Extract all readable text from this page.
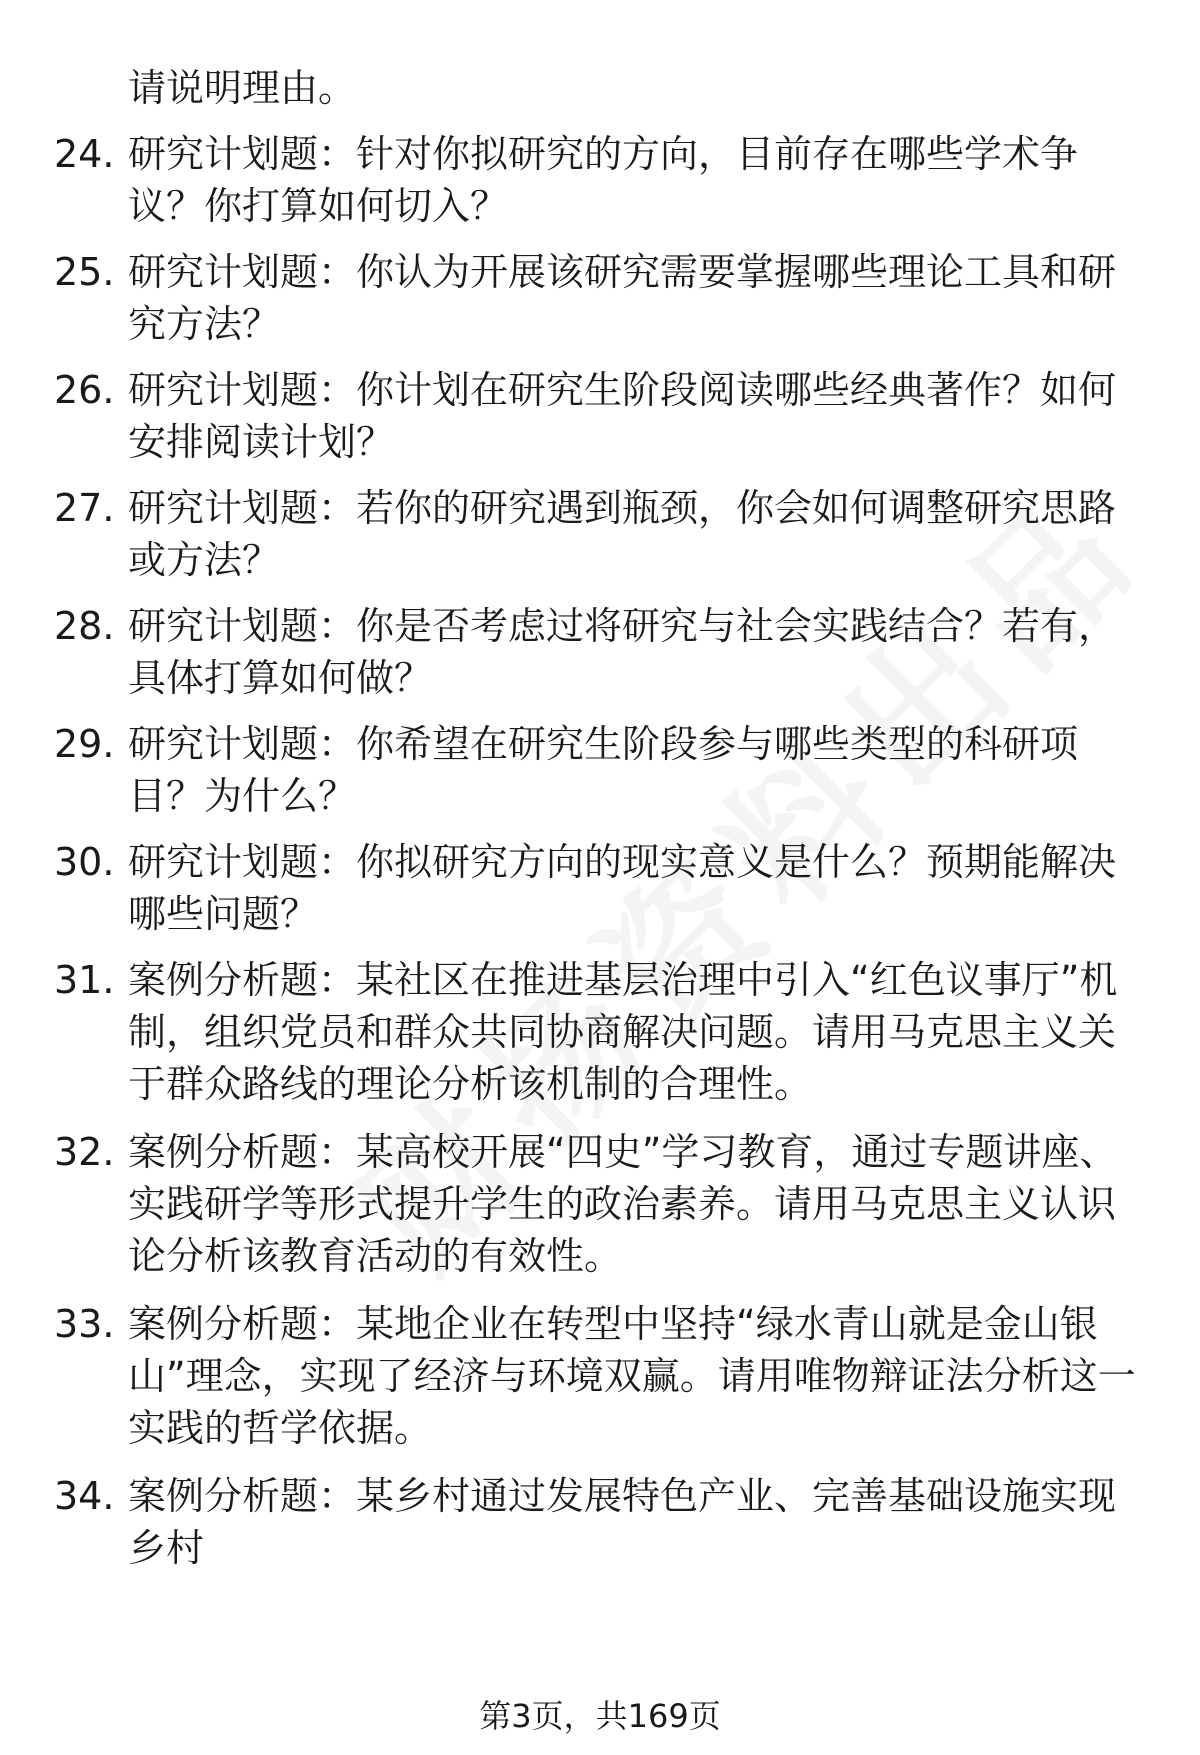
请说明理由。
24. 研究计划题：针对你拟研究的方向，目前存在哪些学术争议？你打算如何切入？
25. 研究计划题：你认为开展该研究需要掌握哪些理论工具和研究方法？
26. 研究计划题：你计划在研究生阶段阅读哪些经典著作？如何安排阅读计划？
27. 研究计划题：若你的研究遇到瓶颈，你会如何调整研究思路或方法？
28. 研究计划题：你是否考虑过将研究与社会实践结合？若有，具体打算如何做？
29. 研究计划题：你希望在研究生阶段参与哪些类型的科研项目？为什么？
30. 研究计划题：你拟研究方向的现实意义是什么？预期能解决哪些问题？
31. 案例分析题：某社区在推进基层治理中引入“红色议事厅”机制，组织党员和群众共同协商解决问题。请用马克思主义关于群众路线的理论分析该机制的合理性。
32. 案例分析题：某高校开展“四史”学习教育，通过专题讲座、实践研学等形式提升学生的政治素养。请用马克思主义认识论分析该教育活动的有效性。
33. 案例分析题：某地企业在转型中坚持“绿水青山就是金山银山”理念，实现了经济与环境双赢。请用唯物辩证法分析这一实践的哲学依据。
34. 案例分析题：某乡村通过发展特色产业、完善基础设施实现乡村
第3页，共169页
